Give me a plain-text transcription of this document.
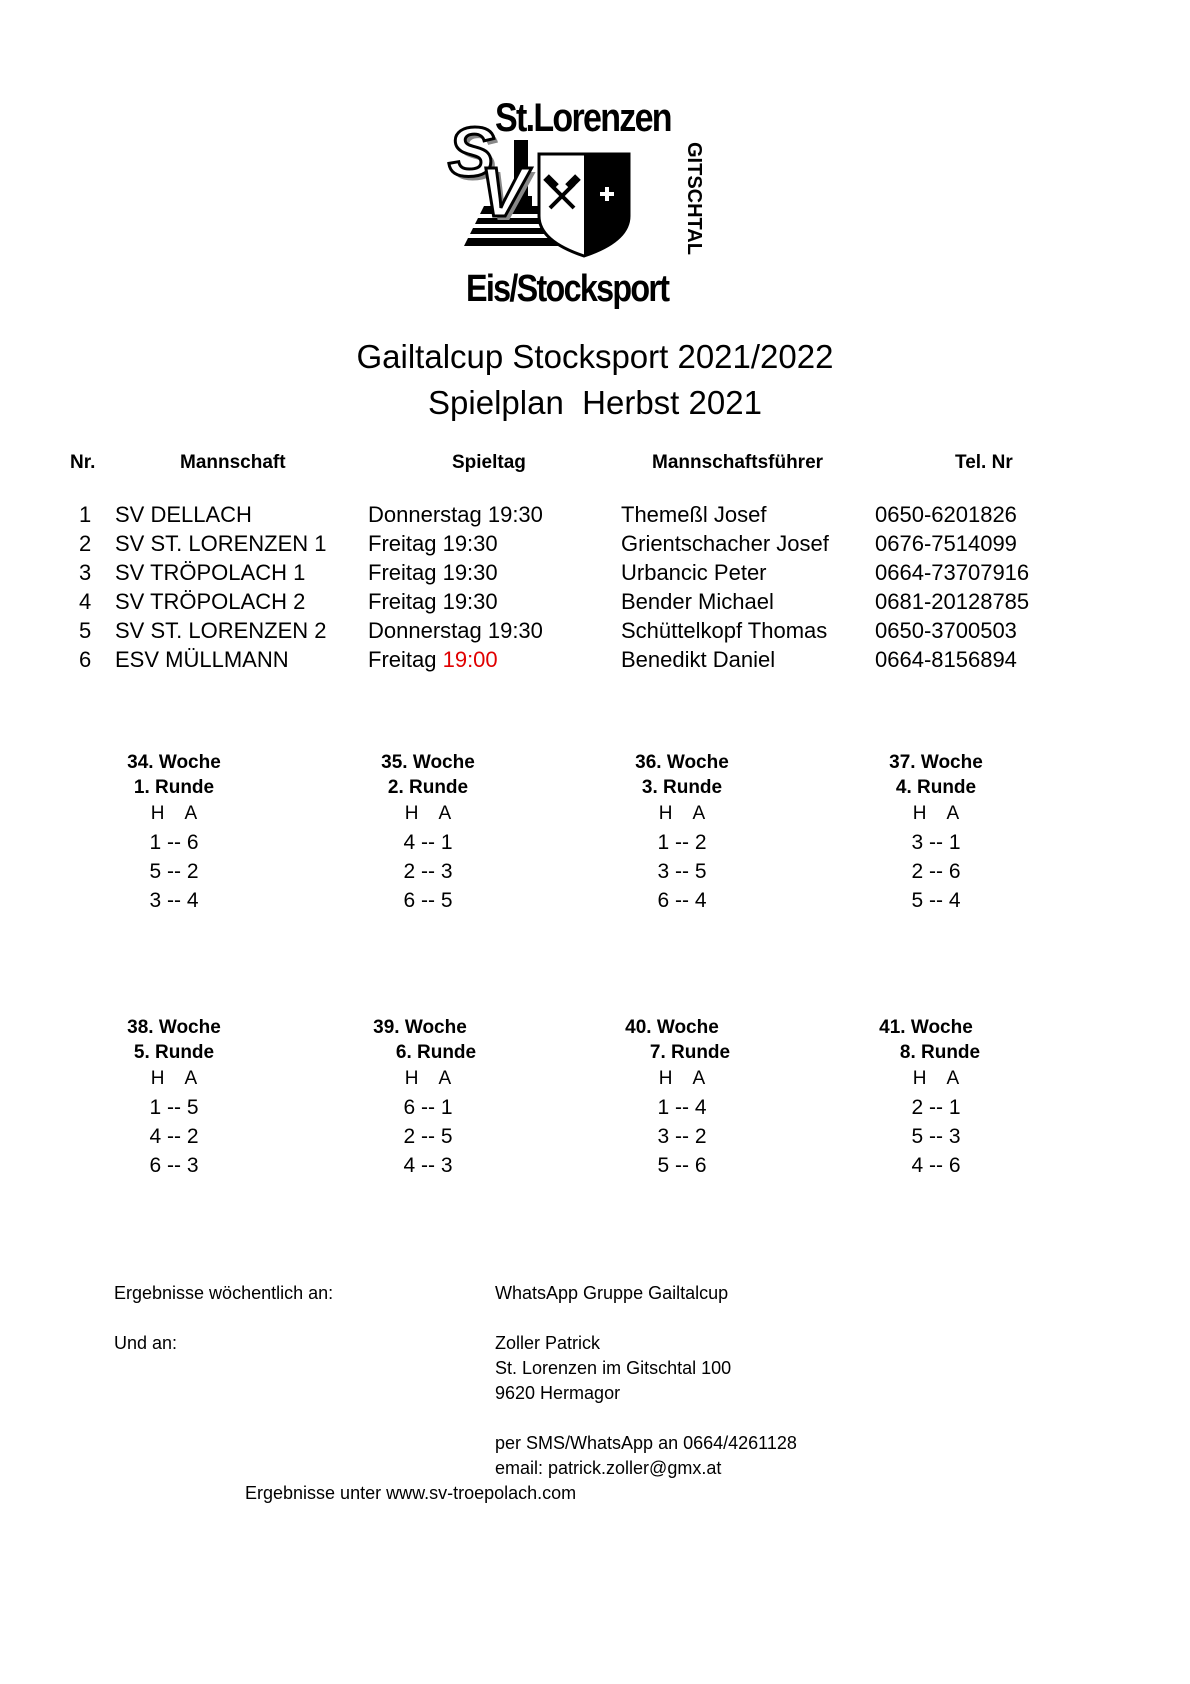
S
V
St.Lorenzen
GITSCHTAL
Eis/Stocksport
Gailtalcup Stocksport 2021/2022
Spielplan  Herbst 2021
Nr.	Mannschaft	Spieltag	Mannschaftsführer	Tel. Nr
1 SV DELLACH	Donnerstag 19:30	Themeßl Josef	0650-6201826
2 SV ST. LORENZEN 1 Freitag 19:30	Grientschacher Josef 0676-7514099
3 SV TRÖPOLACH 1	Freitag 19:30	Urbancic Peter	0664-73707916
4 SV TRÖPOLACH 2	Freitag 19:30	Bender Michael	0681-20128785
5 SV ST. LORENZEN 2 Donnerstag 19:30	Schüttelkopf Thomas 0650-3700503
6 ESV MÜLLMANN	Freitag 19:00	Benedikt Daniel	0664-8156894
34. Woche
1. Runde
H    A
1 -- 6
5 -- 2
3 -- 4
35. Woche
2. Runde
H    A
4 -- 1
2 -- 3
6 -- 5
36. Woche
3. Runde
H    A
1 -- 2
3 -- 5
6 -- 4
37. Woche
4. Runde
H    A
3 -- 1
2 -- 6
5 -- 4
38. Woche
5. Runde
H    A
1 -- 5
4 -- 2
6 -- 3
39. Woche
6. Runde
H    A
6 -- 1
2 -- 5
4 -- 3
40. Woche
7. Runde
H    A
1 -- 4
3 -- 2
5 -- 6
41. Woche
8. Runde
H    A
2 -- 1
5 -- 3
4 -- 6
Ergebnisse wöchentlich an:	WhatsApp Gruppe Gailtalcup
Und an:	Zoller Patrick
St. Lorenzen im Gitschtal 100
9620 Hermagor
per SMS/WhatsApp an 0664/4261128
email: patrick.zoller@gmx.at
Ergebnisse unter www.sv-troepolach.com
